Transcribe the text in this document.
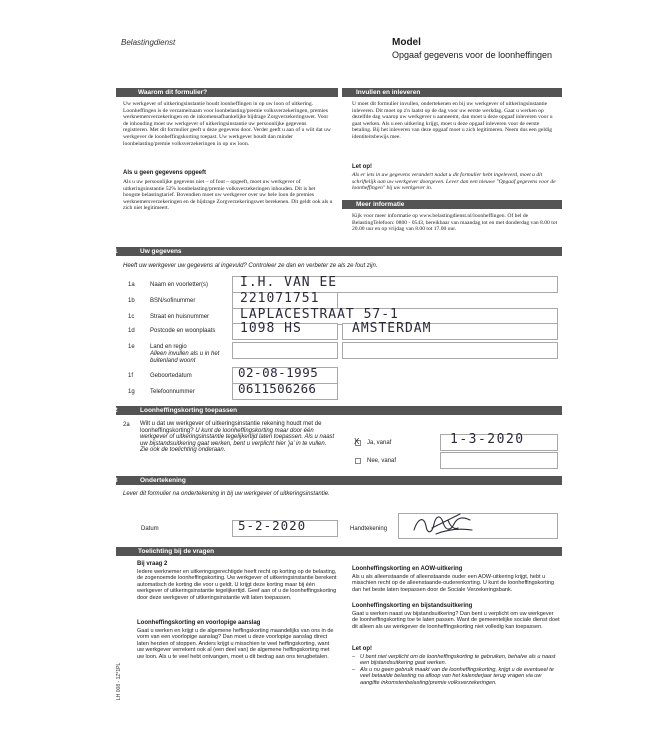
Belastingdienst	Model
Opgaaf gegevens voor de loonheffingen
Waarom dit formulier?
Uw werkgever of uitkeringsinstantie houdt loonheffingen in op uw loon of uitkering. Loonheffingen is de verzamelnaam voor loonbelasting/premie volksverzekeringen, premies werknemersverzekeringen en de inkomensafhankelijke bijdrage Zorgverzekeringswet. Voor de inhouding moet uw werkgever of uitkeringsinstantie uw persoonlijke gegevens registreren. Met dit formulier geeft u deze gegevens door. Verder geeft u aan of u wilt dat uw werkgever de loonheffingskorting toepast. Uw werkgever houdt dan minder loonbelasting/premie volksverzekeringen in op uw loon.
Als u geen gegevens opgeeft
Als u uw persoonlijke gegevens niet – of fout – opgeeft, moet uw werkgever of uitkeringsinstantie 52% loonbelasting/premie volksverzekeringen inhouden. Dit is het hoogste belastingtarief. Bovendien moet uw werkgever over uw hele loon de premies werknemersverzekeringen en de bijdrage Zorgverzekeringswet berekenen. Dit geldt ook als u zich niet legitimeert.
Invullen en inleveren
U moet dit formulier invullen, ondertekenen en bij uw werkgever of uitkeringsinstantie inleveren. Dit moet op z'n laatst op de dag voor uw eerste werkdag. Gaat u werken op dezelfde dag waarop uw werkgever u aanneemt, dan moet u deze opgaaf inleveren voor u gaat werken. Als u een uitkering krijgt, moet u deze opgaaf inleveren voor de eerste betaling. Bij het inleveren van deze opgaaf moet u zich legitimeren. Neem dus een geldig identiteitsbewijs mee.
Let op!
Als er iets in uw gegevens verandert nadat u dit formulier hebt ingeleverd, moet u dit schriftelijk aan uw werkgever doorgeven. Lever dan een nieuwe "Opgaaf gegevens voor de loonheffingen" bij uw werkgever in.
Meer informatie
Kijk voor meer informatie op www.belastingdienst.nl/loonheffingen. Of bel de BelastingTelefoon: 0800 - 0543, bereikbaar van maandag tot en met donderdag van 8.00 tot 20.00 uur en op vrijdag van 8.00 tot 17.00 uur.
1	Uw gegevens
Heeft uw werkgever uw gegevens al ingevuld? Controleer ze dan en verbeter ze als ze fout zijn.
1a	Naam en voorletter(s) I.H. VAN EE
1b	BSN/sofinummer	221071751
1c	Straat en huisnummer LAPLACESTRAAT 57-1
1d	Postcode en woonplaats 1098 HS	AMSTERDAM
1e	Land en regio
Alleen invullen als u in het buitenland woont
1f	Geboortedatum	02-08-1995
1g	Telefoonnummer	0611506266
2	Loonheffingskorting toepassen
2a Wilt u dat uw werkgever of uitkeringsinstantie rekening houdt met de loonheffingskorting? U kunt de loonheffingskorting maar door één werkgever of uitkeringsinstantie tegelijkertijd laten toepassen. Als u naast uw bijstandsuitkering gaat werken, bent u verplicht hier 'ja' in te vullen. Zie ook de toelichting onderaan.
X Ja, vanaf	1-3-2020
Nee, vanaf
3	Ondertekening
Lever dit formulier na ondertekening in bij uw werkgever of uitkeringsinstantie.
Datum	5-2-2020	Handtekening
Toelichting bij de vragen
Bij vraag 2
Iedere werknemer en uitkeringsgerechtigde heeft recht op korting op de belasting, de zogenoemde loonheffingskorting. Uw werkgever of uitkeringsinstantie berekent automatisch de korting die voor u geldt. U krijgt deze korting maar bij één werkgever of uitkeringsinstantie tegelijkertijd. Geef aan of u de loonheffingskorting door deze werkgever of uitkeringsinstantie wilt laten toepassen.
Loonheffingskorting en voorlopige aanslag
Gaat u werken en krijgt u de algemene heffingskorting maandelijks van ons in de vorm van een voorlopige aanslag? Dan moet u deze voorlopige aanslag direct laten herzien of stoppen. Anders krijgt u misschien te veel heffingskorting, want uw werkgever verrekent ook al (een deel van) de algemene heffingskorting met uw loon. Als u te veel hebt ontvangen, moet u dit bedrag aan ons terugbetalen.
Loonheffingskorting en AOW-uitkering
Als u als alleenstaande of alleenstaande ouder een AOW-uitkering krijgt, hebt u misschien recht op de alleenstaande-ouderenkorting. U kunt de loonheffingskorting dan het beste laten toepassen door de Sociale Verzekeringsbank.
Loonheffingskorting en bijstandsuitkering
Gaat u werken naast uw bijstandsuitkering? Dan bent u verplicht om uw werkgever de loonheffingskorting toe te laten passen. Want de gemeentelijke sociale dienst doet dit alleen als uw werkgever de loonheffingskorting niet volledig kan toepassen.
Let op!
– U bent niet verplicht om de loonheffingskorting te gebruiken, behalve als u naast een bijstandsuitkering gaat werken.
– Als u nu geen gebruik maakt van de loonheffingskorting, krijgt u de eventueel te veel betaalde belasting na afloop van het kalenderjaar terug vragen via uw aangifte inkomstenbelasting/premie volksverzekeringen.
LH 008 - 1Z*1PL
